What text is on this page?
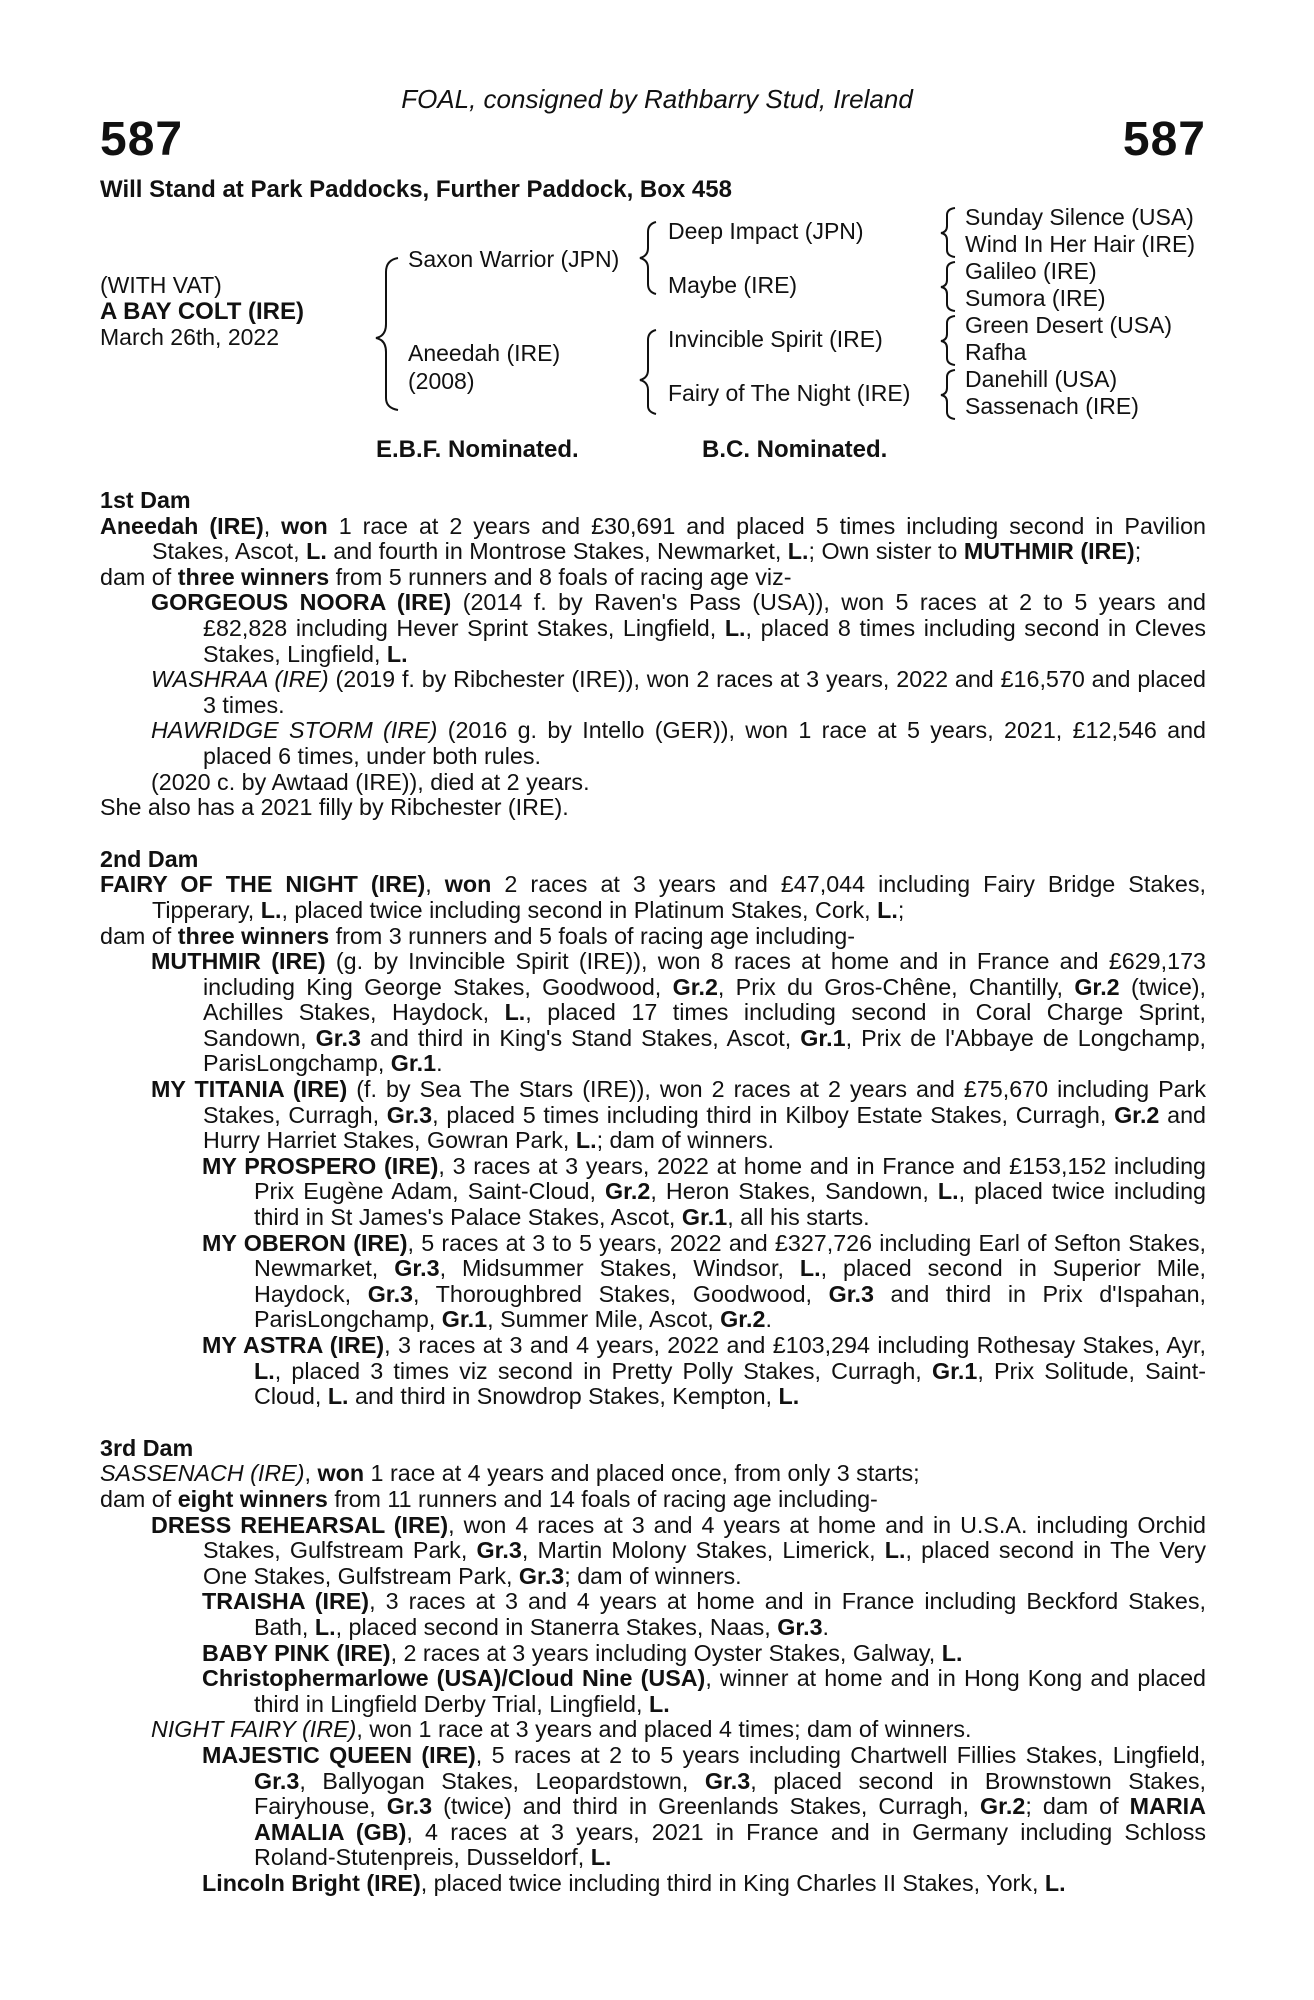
FOAL, consigned by Rathbarry Stud, Ireland
587	587
Will Stand at Park Paddocks, Further Paddock, Box 458
(WITH VAT)
A BAY COLT (IRE)
March 26th, 2022
Saxon Warrior (JPN)
Aneedah (IRE)
(2008)
Deep Impact (JPN)
Maybe (IRE)
Invincible Spirit (IRE)
Fairy of The Night (IRE)
Sunday Silence (USA)
Wind In Her Hair (IRE)
Galileo (IRE)
Sumora (IRE)
Green Desert (USA)
Rafha
Danehill (USA)
Sassenach (IRE)
E.B.F. Nominated.	B.C. Nominated.

1st Dam

Aneedah (IRE), won 1 race at 2 years and £30,691 and placed 5 times including second in Pavilion Stakes, Ascot, L. and fourth in Montrose Stakes, Newmarket, L.; Own sister to MUTHMIR (IRE);

dam of three winners from 5 runners and 8 foals of racing age viz-

GORGEOUS NOORA (IRE) (2014 f. by Raven's Pass (USA)), won 5 races at 2 to 5 years and £82,828 including Hever Sprint Stakes, Lingfield, L., placed 8 times including second in Cleves Stakes, Lingfield, L.

WASHRAA (IRE) (2019 f. by Ribchester (IRE)), won 2 races at 3 years, 2022 and £16,570 and placed 3 times.

HAWRIDGE STORM (IRE) (2016 g. by Intello (GER)), won 1 race at 5 years, 2021, £12,546 and placed 6 times, under both rules.

(2020 c. by Awtaad (IRE)), died at 2 years.

She also has a 2021 filly by Ribchester (IRE).

2nd Dam

FAIRY OF THE NIGHT (IRE), won 2 races at 3 years and £47,044 including Fairy Bridge Stakes, Tipperary, L., placed twice including second in Platinum Stakes, Cork, L.;

dam of three winners from 3 runners and 5 foals of racing age including-

MUTHMIR (IRE) (g. by Invincible Spirit (IRE)), won 8 races at home and in France and £629,173 including King George Stakes, Goodwood, Gr.2, Prix du Gros-Chêne, Chantilly, Gr.2 (twice), Achilles Stakes, Haydock, L., placed 17 times including second in Coral Charge Sprint, Sandown, Gr.3 and third in King's Stand Stakes, Ascot, Gr.1, Prix de l'Abbaye de Longchamp, ParisLongchamp, Gr.1.

MY TITANIA (IRE) (f. by Sea The Stars (IRE)), won 2 races at 2 years and £75,670 including Park Stakes, Curragh, Gr.3, placed 5 times including third in Kilboy Estate Stakes, Curragh, Gr.2 and Hurry Harriet Stakes, Gowran Park, L.; dam of winners.

MY PROSPERO (IRE), 3 races at 3 years, 2022 at home and in France and £153,152 including Prix Eugène Adam, Saint-Cloud, Gr.2, Heron Stakes, Sandown, L., placed twice including third in St James's Palace Stakes, Ascot, Gr.1, all his starts.

MY OBERON (IRE), 5 races at 3 to 5 years, 2022 and £327,726 including Earl of Sefton Stakes, Newmarket, Gr.3, Midsummer Stakes, Windsor, L., placed second in Superior Mile, Haydock, Gr.3, Thoroughbred Stakes, Goodwood, Gr.3 and third in Prix d'Ispahan, ParisLongchamp, Gr.1, Summer Mile, Ascot, Gr.2.

MY ASTRA (IRE), 3 races at 3 and 4 years, 2022 and £103,294 including Rothesay Stakes, Ayr, L., placed 3 times viz second in Pretty Polly Stakes, Curragh, Gr.1, Prix Solitude, Saint-Cloud, L. and third in Snowdrop Stakes, Kempton, L.

3rd Dam

SASSENACH (IRE), won 1 race at 4 years and placed once, from only 3 starts;

dam of eight winners from 11 runners and 14 foals of racing age including-

DRESS REHEARSAL (IRE), won 4 races at 3 and 4 years at home and in U.S.A. including Orchid Stakes, Gulfstream Park, Gr.3, Martin Molony Stakes, Limerick, L., placed second in The Very One Stakes, Gulfstream Park, Gr.3; dam of winners.

TRAISHA (IRE), 3 races at 3 and 4 years at home and in France including Beckford Stakes, Bath, L., placed second in Stanerra Stakes, Naas, Gr.3.

BABY PINK (IRE), 2 races at 3 years including Oyster Stakes, Galway, L.

Christophermarlowe (USA)/Cloud Nine (USA), winner at home and in Hong Kong and placed third in Lingfield Derby Trial, Lingfield, L.

NIGHT FAIRY (IRE), won 1 race at 3 years and placed 4 times; dam of winners.

MAJESTIC QUEEN (IRE), 5 races at 2 to 5 years including Chartwell Fillies Stakes, Lingfield, Gr.3, Ballyogan Stakes, Leopardstown, Gr.3, placed second in Brownstown Stakes, Fairyhouse, Gr.3 (twice) and third in Greenlands Stakes, Curragh, Gr.2; dam of MARIA AMALIA (GB), 4 races at 3 years, 2021 in France and in Germany including Schloss Roland-Stutenpreis, Dusseldorf, L.

Lincoln Bright (IRE), placed twice including third in King Charles II Stakes, York, L.
